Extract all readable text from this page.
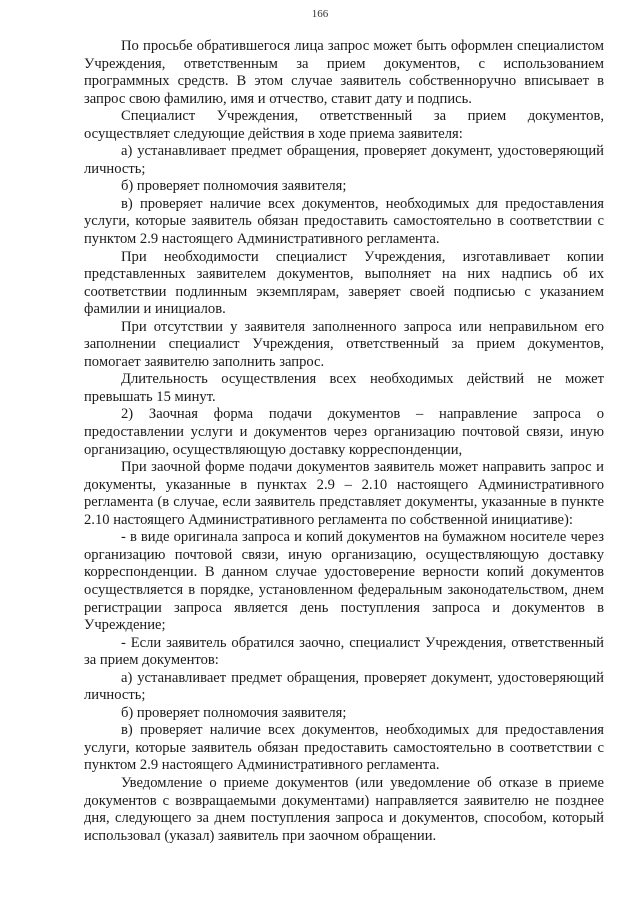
166

По просьбе обратившегося лица запрос может быть оформлен специалистом Учреждения, ответственным за прием документов, с использованием программных средств. В этом случае заявитель собственноручно вписывает в запрос свою фамилию, имя и отчество, ставит дату и подпись.

Специалист Учреждения, ответственный за прием документов, осуществляет следующие действия в ходе приема заявителя:

а) устанавливает предмет обращения, проверяет документ, удостоверяющий личность;

б) проверяет полномочия заявителя;

в) проверяет наличие всех документов, необходимых для предоставления услуги, которые заявитель обязан предоставить самостоятельно в соответствии с пунктом 2.9 настоящего Административного регламента.

При необходимости специалист Учреждения, изготавливает копии представленных заявителем документов, выполняет на них надпись об их соответствии подлинным экземплярам, заверяет своей подписью с указанием фамилии и инициалов.

При отсутствии у заявителя заполненного запроса или неправильном его заполнении специалист Учреждения, ответственный за прием документов, помогает заявителю заполнить запрос.

Длительность осуществления всех необходимых действий не может превышать 15 минут.

2) Заочная форма подачи документов – направление запроса о предоставлении услуги и документов через организацию почтовой связи, иную организацию, осуществляющую доставку корреспонденции,

При заочной форме подачи документов заявитель может направить запрос и документы, указанные в пунктах 2.9 – 2.10 настоящего Административного регламента (в случае, если заявитель представляет документы, указанные в пункте 2.10 настоящего Административного регламента по собственной инициативе):

- в виде оригинала запроса и копий документов на бумажном носителе через организацию почтовой связи, иную организацию, осуществляющую доставку корреспонденции. В данном случае удостоверение верности копий документов осуществляется в порядке, установленном федеральным законодательством, днем регистрации запроса является день поступления запроса и документов в Учреждение;

- Если заявитель обратился заочно, специалист Учреждения, ответственный за прием документов:

а) устанавливает предмет обращения, проверяет документ, удостоверяющий личность;

б) проверяет полномочия заявителя;

в) проверяет наличие всех документов, необходимых для предоставления услуги, которые заявитель обязан предоставить самостоятельно в соответствии с пунктом 2.9 настоящего Административного регламента.

Уведомление о приеме документов (или уведомление об отказе в приеме документов с возвращаемыми документами) направляется заявителю не позднее дня, следующего за днем поступления запроса и документов, способом, который использовал (указал) заявитель при заочном обращении.
